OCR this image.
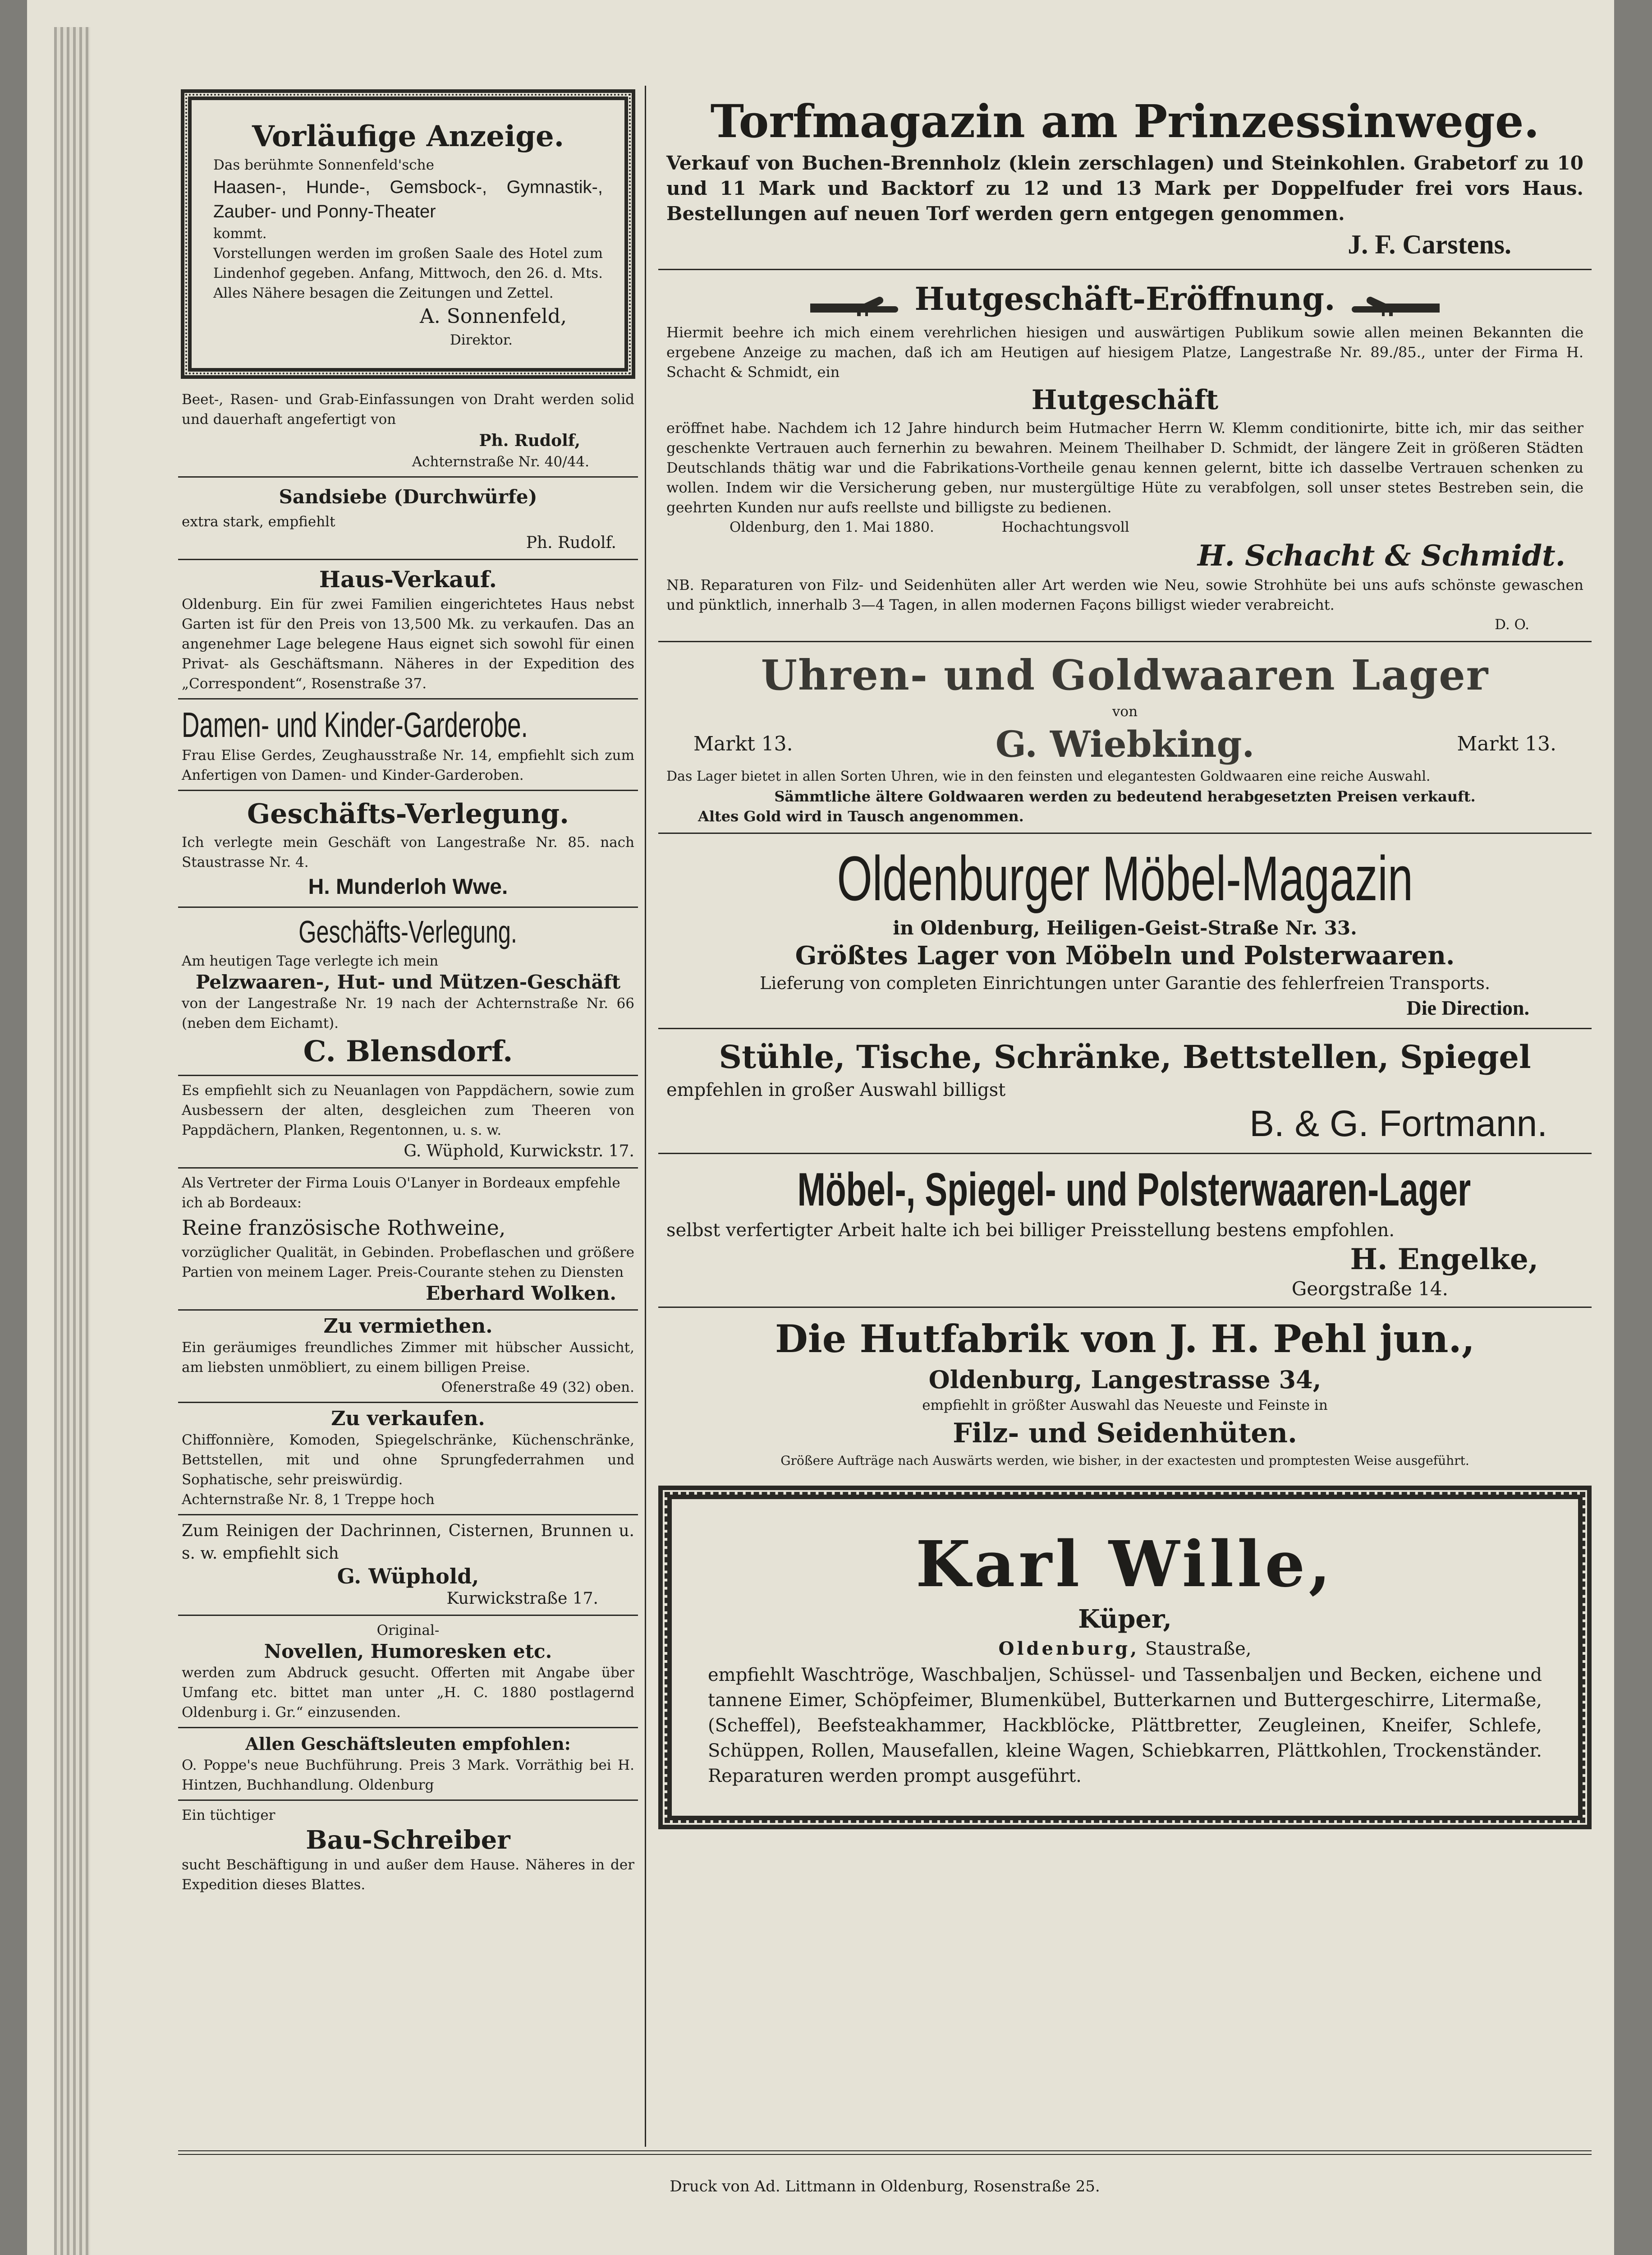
Vorläufige Anzeige.

Das berühmte Sonnenfeld'sche

Haasen-, Hunde-, Gemsbock-, Gymnastik-, Zauber- und Ponny-Theater

kommt.

Vorstellungen werden im großen Saale des Hotel zum Lindenhof gegeben. Anfang, Mittwoch, den 26. d. Mts. Alles Nähere besagen die Zeitungen und Zettel.

A. Sonnenfeld,

Direktor.

Beet-, Rasen- und Grab-Einfassungen von Draht werden solid und dauerhaft angefertigt von

Ph. Rudolf,

Achternstraße Nr. 40/44.

Sandsiebe (Durchwürfe)

extra stark, empfiehlt

Ph. Rudolf.

Haus-Verkauf.

Oldenburg. Ein für zwei Familien eingerichtetes Haus nebst Garten ist für den Preis von 13,500 Mk. zu verkaufen. Das an angenehmer Lage belegene Haus eignet sich sowohl für einen Privat- als Geschäftsmann. Näheres in der Expedition des „Correspondent“, Rosenstraße 37.

Damen- und Kinder-Garderobe.

Frau Elise Gerdes, Zeughausstraße Nr. 14, empfiehlt sich zum Anfertigen von Damen- und Kinder-Garderoben.

Geschäfts-Verlegung.

Ich verlegte mein Geschäft von Langestraße Nr. 85. nach Staustrasse Nr. 4.

H. Munderloh Wwe.

Geschäfts-Verlegung.

Am heutigen Tage verlegte ich mein

Pelzwaaren-, Hut- und Mützen-Geschäft

von der Langestraße Nr. 19 nach der Achternstraße Nr. 66 (neben dem Eichamt).

C. Blensdorf.

Es empfiehlt sich zu Neuanlagen von Pappdächern, sowie zum Ausbessern der alten, desgleichen zum Theeren von Pappdächern, Planken, Regentonnen, u. s. w.

G. Wüphold, Kurwickstr. 17.

Als Vertreter der Firma Louis O'Lanyer in Bordeaux empfehle ich ab Bordeaux:

Reine französische Rothweine,

vorzüglicher Qualität, in Gebinden. Probeflaschen und größere Partien von meinem Lager. Preis-Courante stehen zu Diensten

Eberhard Wolken.

Zu vermiethen.

Ein geräumiges freundliches Zimmer mit hübscher Aussicht, am liebsten unmöbliert, zu einem billigen Preise.

Ofenerstraße 49 (32) oben.

Zu verkaufen.

Chiffonnière, Komoden, Spiegelschränke, Küchenschränke, Bettstellen, mit und ohne Sprungfederrahmen und Sophatische, sehr preiswürdig.

Achternstraße Nr. 8, 1 Treppe hoch

Zum Reinigen der Dachrinnen, Cisternen, Brunnen u. s. w. empfiehlt sich

G. Wüphold,

Kurwickstraße 17.

Original-

Novellen, Humoresken etc.

werden zum Abdruck gesucht. Offerten mit Angabe über Umfang etc. bittet man unter „H. C. 1880 postlagernd Oldenburg i. Gr.“ einzusenden.

Allen Geschäftsleuten empfohlen:

O. Poppe's neue Buchführung. Preis 3 Mark. Vorräthig bei H. Hintzen, Buchhandlung. Oldenburg

Ein tüchtiger

Bau-Schreiber

sucht Beschäftigung in und außer dem Hause. Näheres in der Expedition dieses Blattes.

Torfmagazin am Prinzessinwege.

Verkauf von Buchen-Brennholz (klein zerschlagen) und Steinkohlen. Grabetorf zu 10 und 11 Mark und Backtorf zu 12 und 13 Mark per Doppelfuder frei vors Haus. Bestellungen auf neuen Torf werden gern entgegen genommen.

J. F. Carstens.

Hutgeschäft-Eröffnung.

Hiermit beehre ich mich einem verehrlichen hiesigen und auswärtigen Publikum sowie allen meinen Bekannten die ergebene Anzeige zu machen, daß ich am Heutigen auf hiesigem Platze, Langestraße Nr. 89./85., unter der Firma H. Schacht & Schmidt, ein

Hutgeschäft

eröffnet habe. Nachdem ich 12 Jahre hindurch beim Hutmacher Herrn W. Klemm conditionirte, bitte ich, mir das seither geschenkte Vertrauen auch fernerhin zu bewahren. Meinem Theilhaber D. Schmidt, der längere Zeit in größeren Städten Deutschlands thätig war und die Fabrikations-Vortheile genau kennen gelernt, bitte ich dasselbe Vertrauen schenken zu wollen. Indem wir die Versicherung geben, nur mustergültige Hüte zu verabfolgen, soll unser stetes Bestreben sein, die geehrten Kunden nur aufs reellste und billigste zu bedienen.

Oldenburg, den 1. Mai 1880.	Hochachtungsvoll

H. Schacht & Schmidt.

NB. Reparaturen von Filz- und Seidenhüten aller Art werden wie Neu, sowie Strohhüte bei uns aufs schönste gewaschen und pünktlich, innerhalb 3—4 Tagen, in allen modernen Façons billigst wieder verabreicht.

D. O.

Uhren- und Goldwaaren Lager

von

Markt 13.	G. Wiebking.	Markt 13.

Das Lager bietet in allen Sorten Uhren, wie in den feinsten und elegantesten Goldwaaren eine reiche Auswahl.

Sämmtliche ältere Goldwaaren werden zu bedeutend herabgesetzten Preisen verkauft.

Altes Gold wird in Tausch angenommen.

Oldenburger Möbel-Magazin

in Oldenburg, Heiligen-Geist-Straße Nr. 33.

Größtes Lager von Möbeln und Polsterwaaren.

Lieferung von completen Einrichtungen unter Garantie des fehlerfreien Transports.

Die Direction.

Stühle, Tische, Schränke, Bettstellen, Spiegel

empfehlen in großer Auswahl billigst

B. & G. Fortmann.

Möbel-, Spiegel- und Polsterwaaren-Lager

selbst verfertigter Arbeit halte ich bei billiger Preisstellung bestens empfohlen.

H. Engelke,

Georgstraße 14.

Die Hutfabrik von J. H. Pehl jun.,

Oldenburg, Langestrasse 34,

empfiehlt in größter Auswahl das Neueste und Feinste in

Filz- und Seidenhüten.

Größere Aufträge nach Auswärts werden, wie bisher, in der exactesten und promptesten Weise ausgeführt.

Karl Wille,

Küper,

Oldenburg, Staustraße,

empfiehlt Waschtröge, Waschbaljen, Schüssel- und Tassenbaljen und Becken, eichene und tannene Eimer, Schöpfeimer, Blumenkübel, Butterkarnen und Buttergeschirre, Litermaße, (Scheffel), Beefsteakhammer, Hackblöcke, Plättbretter, Zeugleinen, Kneifer, Schlefe, Schüppen, Rollen, Mausefallen, kleine Wagen, Schiebkarren, Plättkohlen, Trockenständer. Reparaturen werden prompt ausgeführt.

Druck von Ad. Littmann in Oldenburg, Rosenstraße 25.
